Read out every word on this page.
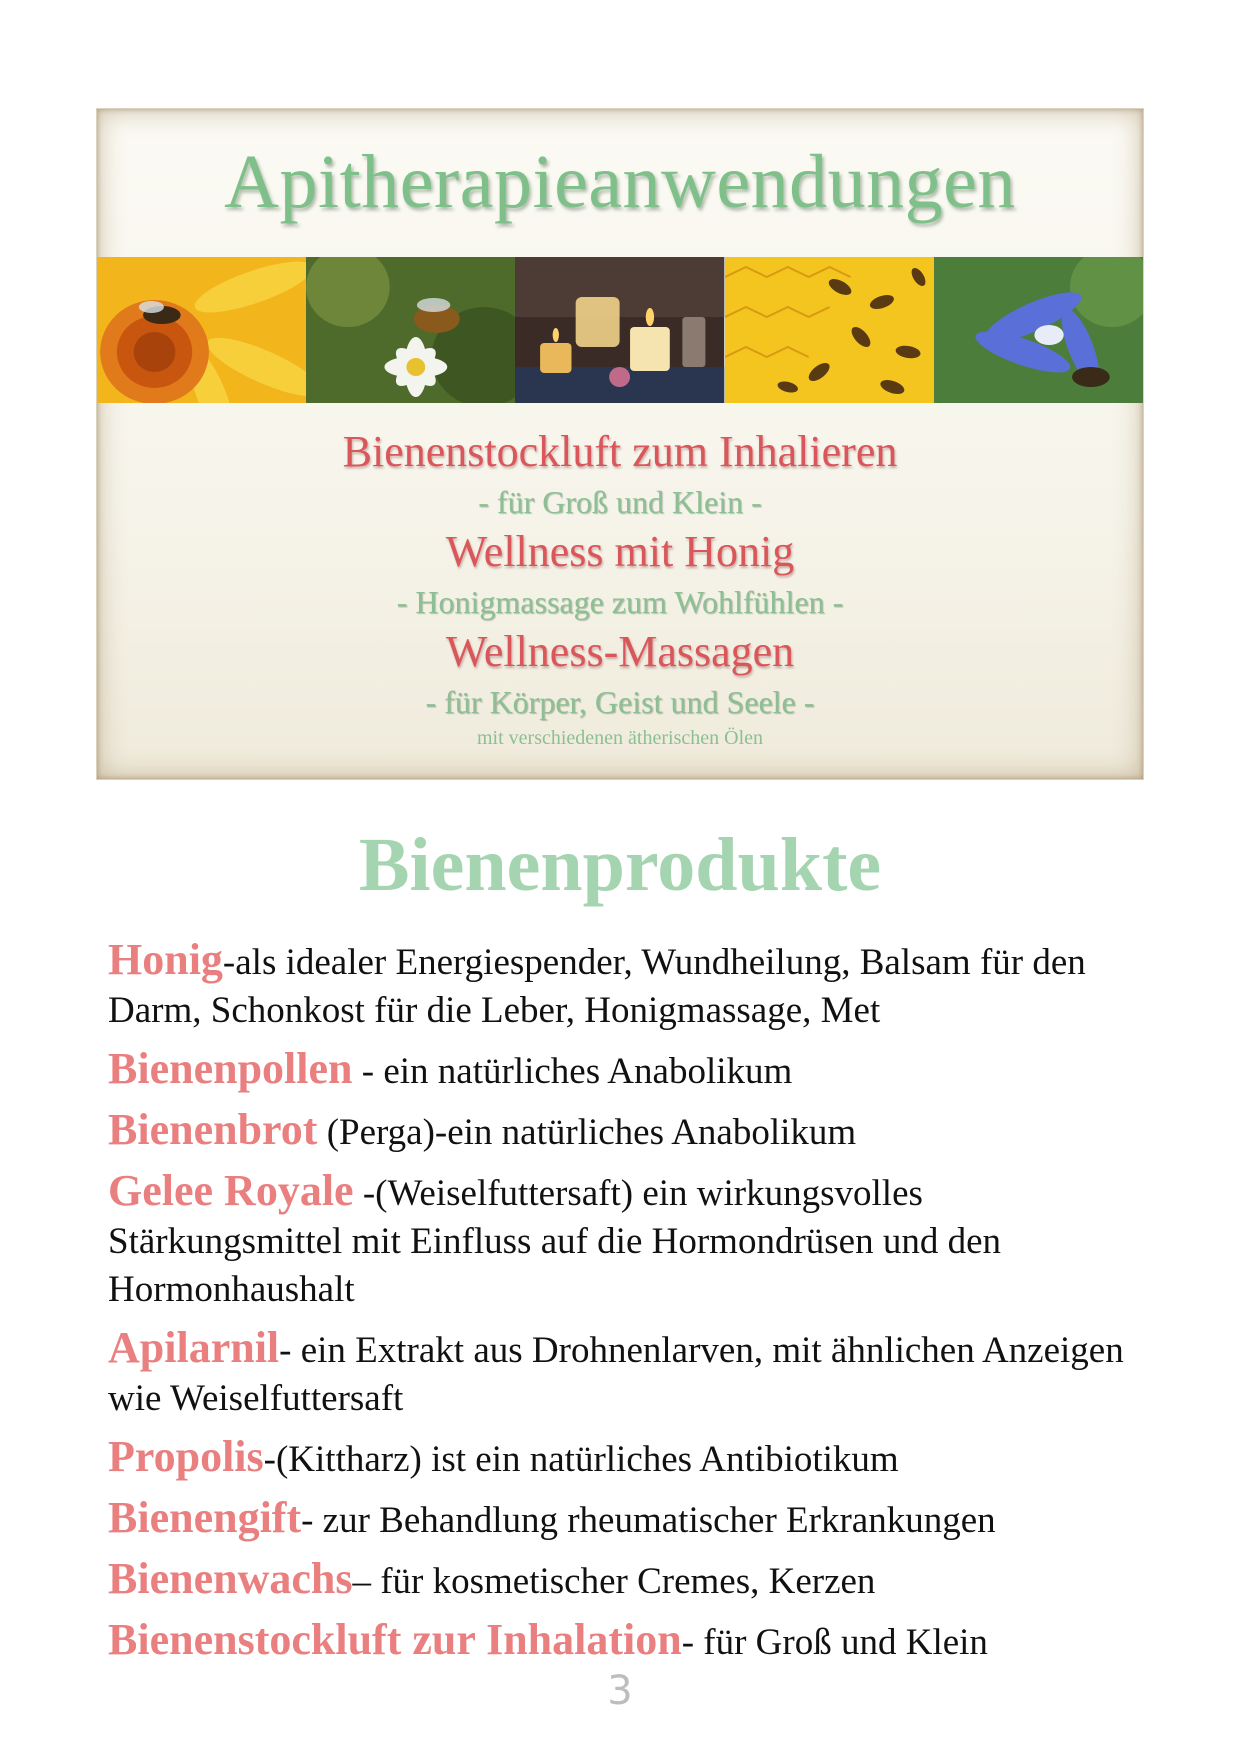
Apitherapieanwendungen
Bienenstockluft zum Inhalieren
- für Groß und Klein -
Wellness mit Honig
- Honigmassage zum Wohlfühlen -
Wellness-Massagen
- für Körper, Geist und Seele -
mit verschiedenen ätherischen Ölen
Bienenprodukte
Honig-als idealer Energiespender, Wundheilung, Balsam für den Darm, Schonkost für die Leber, Honigmassage, Met
Bienenpollen - ein natürliches Anabolikum
Bienenbrot (Perga)-ein natürliches Anabolikum
Gelee Royale -(Weiselfuttersaft) ein wirkungsvolles Stärkungsmittel mit Einfluss auf die Hormondrüsen und den Hormonhaushalt
Apilarnil- ein Extrakt aus Drohnenlarven, mit ähnlichen Anzeigen wie Weiselfuttersaft
Propolis-(Kittharz) ist ein natürliches Antibiotikum
Bienengift- zur Behandlung rheumatischer Erkrankungen
Bienenwachs– für kosmetischer Cremes, Kerzen
Bienenstockluft zur Inhalation- für Groß und Klein
3
